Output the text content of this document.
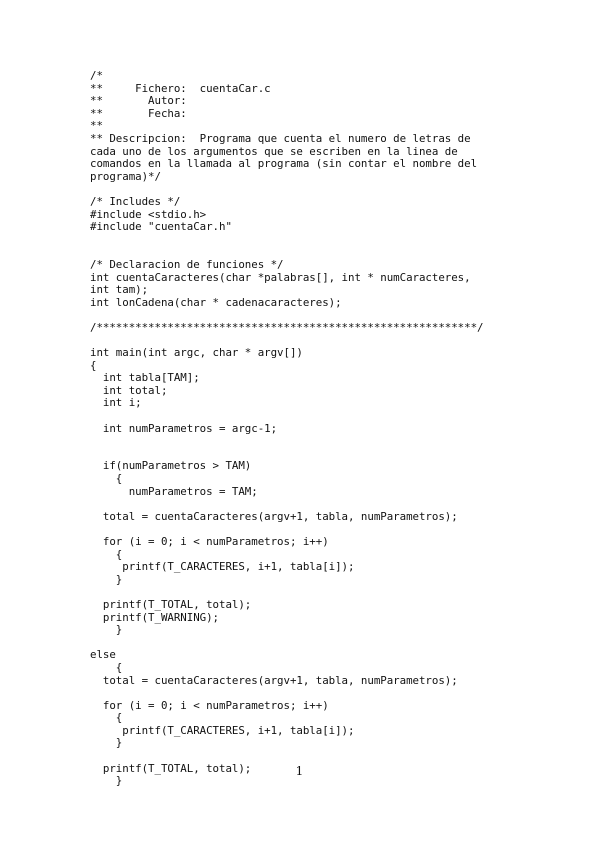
/*
**     Fichero:  cuentaCar.c
**       Autor:
**       Fecha:
**
** Descripcion:  Programa que cuenta el numero de letras de
cada uno de los argumentos que se escriben en la linea de
comandos en la llamada al programa (sin contar el nombre del
programa)*/
/* Includes */
#include <stdio.h>
#include "cuentaCar.h"
/* Declaracion de funciones */
int cuentaCaracteres(char *palabras[], int * numCaracteres,
int tam);
int lonCadena(char * cadenacaracteres);
/***********************************************************/
int main(int argc, char * argv[])
{
int tabla[TAM];
int total;
int i;
int numParametros = argc-1;
if(numParametros > TAM)
{
numParametros = TAM;
total = cuentaCaracteres(argv+1, tabla, numParametros);
for (i = 0; i < numParametros; i++)
{
printf(T_CARACTERES, i+1, tabla[i]);
}
printf(T_TOTAL, total);
printf(T_WARNING);
}
else
{
total = cuentaCaracteres(argv+1, tabla, numParametros);
for (i = 0; i < numParametros; i++)
{
printf(T_CARACTERES, i+1, tabla[i]);
}
printf(T_TOTAL, total);
}
1
